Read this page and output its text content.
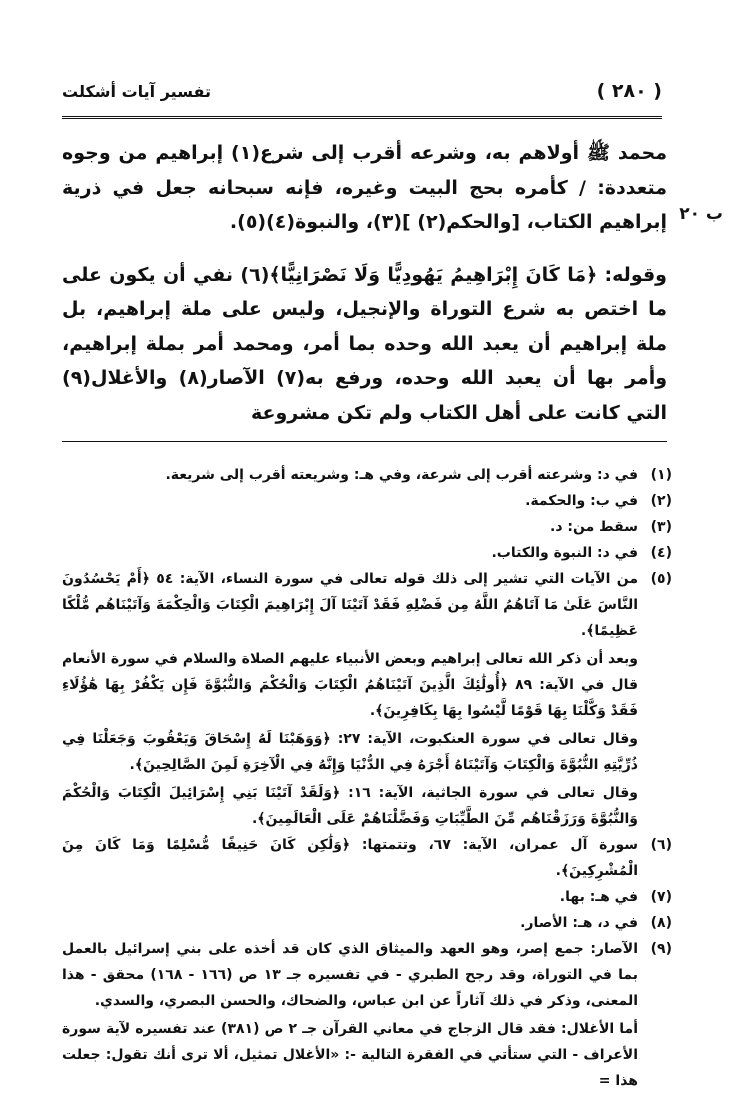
( ٢٨٠ )
تفسير آيات أشكلت
ب ٢٠

محمد ﷺ أولاهم به، وشرعه أقرب إلى شرع(١) إبراهيم من وجوه متعددة: / كأمره بحج البيت وغيره، فإنه سبحانه جعل في ذرية إبراهيم الكتاب، [والحكم(٢) ](٣)، والنبوة(٤)(٥).

وقوله: ﴿مَا كَانَ إِبْرَاهِيمُ يَهُودِيًّا وَلَا نَصْرَانِيًّا﴾(٦) نفي أن يكون على ما اختص به شرع التوراة والإنجيل، وليس على ملة إبراهيم، بل ملة إبراهيم أن يعبد الله وحده بما أمر، ومحمد أمر بملة إبراهيم، وأمر بها أن يعبد الله وحده، ورفع به(٧) الآصار(٨) والأغلال(٩) التي كانت على أهل الكتاب ولم تكن مشروعة

(١)

في د: وشرعته أقرب إلى شرعة، وفي هـ: وشريعته أقرب إلى شريعة.

(٢)

في ب: والحكمة.

(٣)

سقط من: د.

(٤)

في د: النبوة والكتاب.

(٥)

من الآيات التي تشير إلى ذلك قوله تعالى في سورة النساء، الآية: ٥٤ ﴿أَمْ يَحْسُدُونَ النَّاسَ عَلَىٰ مَا آتَاهُمُ اللَّهُ مِن فَضْلِهِ فَقَدْ آتَيْنَا آلَ إِبْرَاهِيمَ الْكِتَابَ وَالْحِكْمَةَ وَآتَيْنَاهُم مُّلْكًا عَظِيمًا﴾.

وبعد أن ذكر الله تعالى إبراهيم وبعض الأنبياء عليهم الصلاة والسلام في سورة الأنعام قال في الآية: ٨٩ ﴿أُولَٰئِكَ الَّذِينَ آتَيْنَاهُمُ الْكِتَابَ وَالْحُكْمَ وَالنُّبُوَّةَ فَإِن يَكْفُرْ بِهَا هَٰؤُلَاءِ فَقَدْ وَكَّلْنَا بِهَا قَوْمًا لَّيْسُوا بِهَا بِكَافِرِينَ﴾.

وقال تعالى في سورة العنكبوت، الآية: ٢٧: ﴿وَوَهَبْنَا لَهُ إِسْحَاقَ وَيَعْقُوبَ وَجَعَلْنَا فِي ذُرِّيَّتِهِ النُّبُوَّةَ وَالْكِتَابَ وَآتَيْنَاهُ أَجْرَهُ فِي الدُّنْيَا وَإِنَّهُ فِي الْآخِرَةِ لَمِنَ الصَّالِحِينَ﴾.

وقال تعالى في سورة الجاثية، الآية: ١٦: ﴿وَلَقَدْ آتَيْنَا بَنِي إِسْرَائِيلَ الْكِتَابَ وَالْحُكْمَ وَالنُّبُوَّةَ وَرَزَقْنَاهُم مِّنَ الطَّيِّبَاتِ وَفَضَّلْنَاهُمْ عَلَى الْعَالَمِينَ﴾.

(٦)

سورة آل عمران، الآية: ٦٧، وتتمتها: ﴿وَلَٰكِن كَانَ حَنِيفًا مُّسْلِمًا وَمَا كَانَ مِنَ الْمُشْرِكِينَ﴾.

(٧)

في هـ: بها.

(٨)

في د، هـ: الأصار.

(٩)

الآصار: جمع إصر، وهو العهد والميثاق الذي كان قد أخذه على بني إسرائيل بالعمل بما في التوراة، وقد رجح الطبري - في تفسيره جـ ١٣ ص (١٦٦ - ١٦٨) محقق - هذا المعنى، وذكر في ذلك آثاراً عن ابن عباس، والضحاك، والحسن البصري، والسدي.

أما الأغلال: فقد قال الزجاج في معاني القرآن جـ ٢ ص (٣٨١) عند تفسيره لآية سورة الأعراف - التي ستأتي في الفقرة التالية -: «الأغلال تمثيل، ألا ترى أنك تقول: جعلت هذا =
